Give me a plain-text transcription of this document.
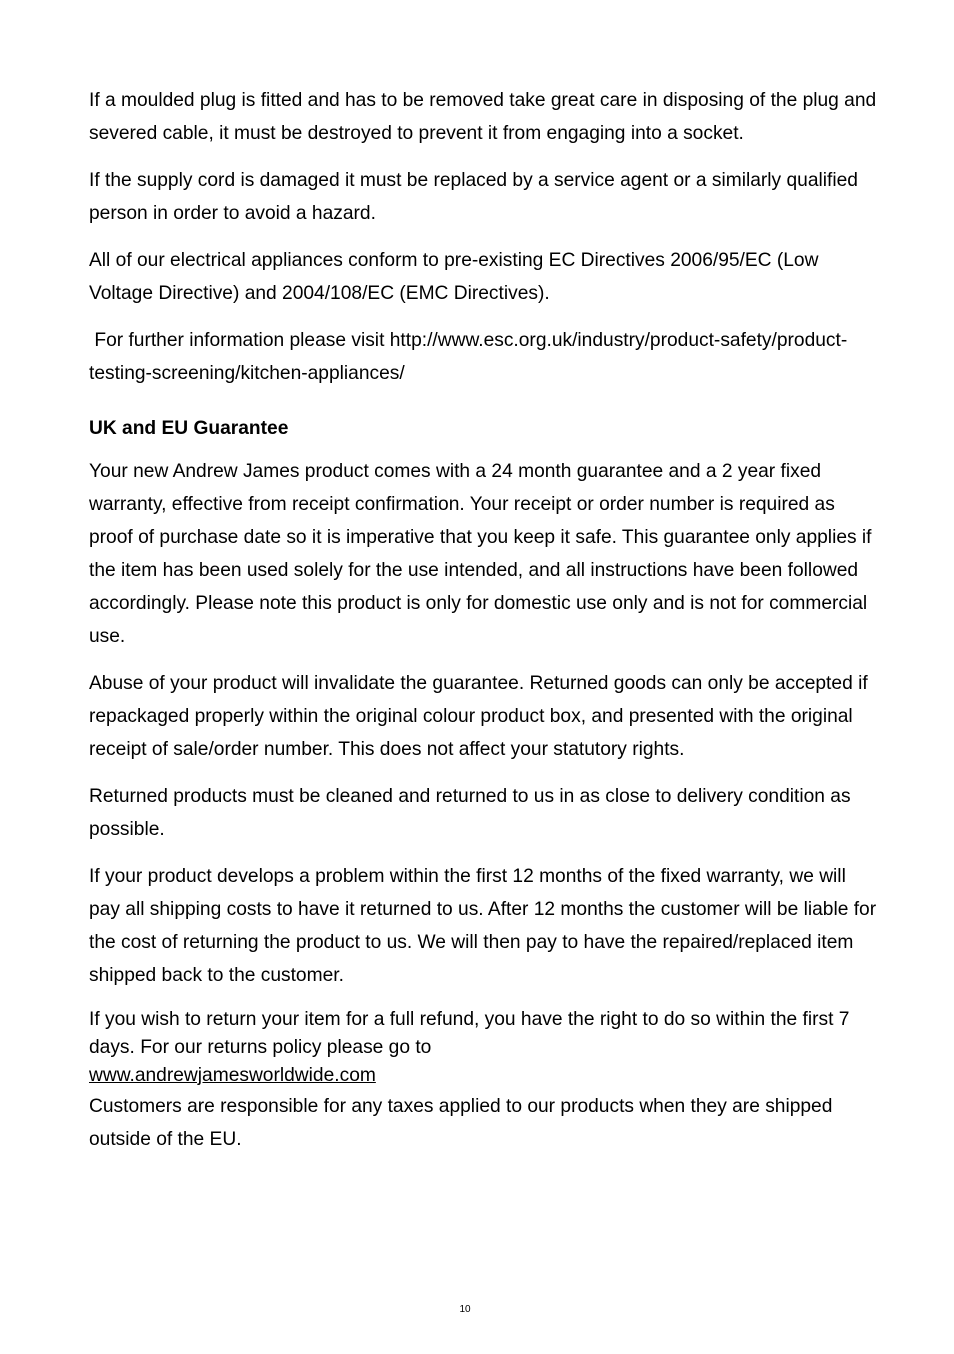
If a moulded plug is fitted and has to be removed take great care in disposing of the plug and severed cable, it must be destroyed to prevent it from engaging into a socket.

If the supply cord is damaged it must be replaced by a service agent or a similarly qualified person in order to avoid a hazard.

All of our electrical appliances conform to pre-existing EC Directives 2006/95/EC (Low Voltage Directive) and 2004/108/EC (EMC Directives).

For further information please visit http://www.esc.org.uk/industry/product-safety/product-testing-screening/kitchen-appliances/

UK and EU Guarantee

Your new Andrew James product comes with a 24 month guarantee and a 2 year fixed warranty, effective from receipt confirmation. Your receipt or order number is required as proof of purchase date so it is imperative that you keep it safe. This guarantee only applies if the item has been used solely for the use intended, and all instructions have been followed accordingly. Please note this product is only for domestic use only and is not for commercial use.

Abuse of your product will invalidate the guarantee. Returned goods can only be accepted if repackaged properly within the original colour product box, and presented with the original receipt of sale/order number. This does not affect your statutory rights.

Returned products must be cleaned and returned to us in as close to delivery condition as possible.

If your product develops a problem within the first 12 months of the fixed warranty, we will pay all shipping costs to have it returned to us. After 12 months the customer will be liable for the cost of returning the product to us. We will then pay to have the repaired/replaced item shipped back to the customer.

If you wish to return your item for a full refund, you have the right to do so within the first 7 days. For our returns policy please go to
www.andrewjamesworldwide.com
Customers are responsible for any taxes applied to our products when they are shipped outside of the EU.
10
